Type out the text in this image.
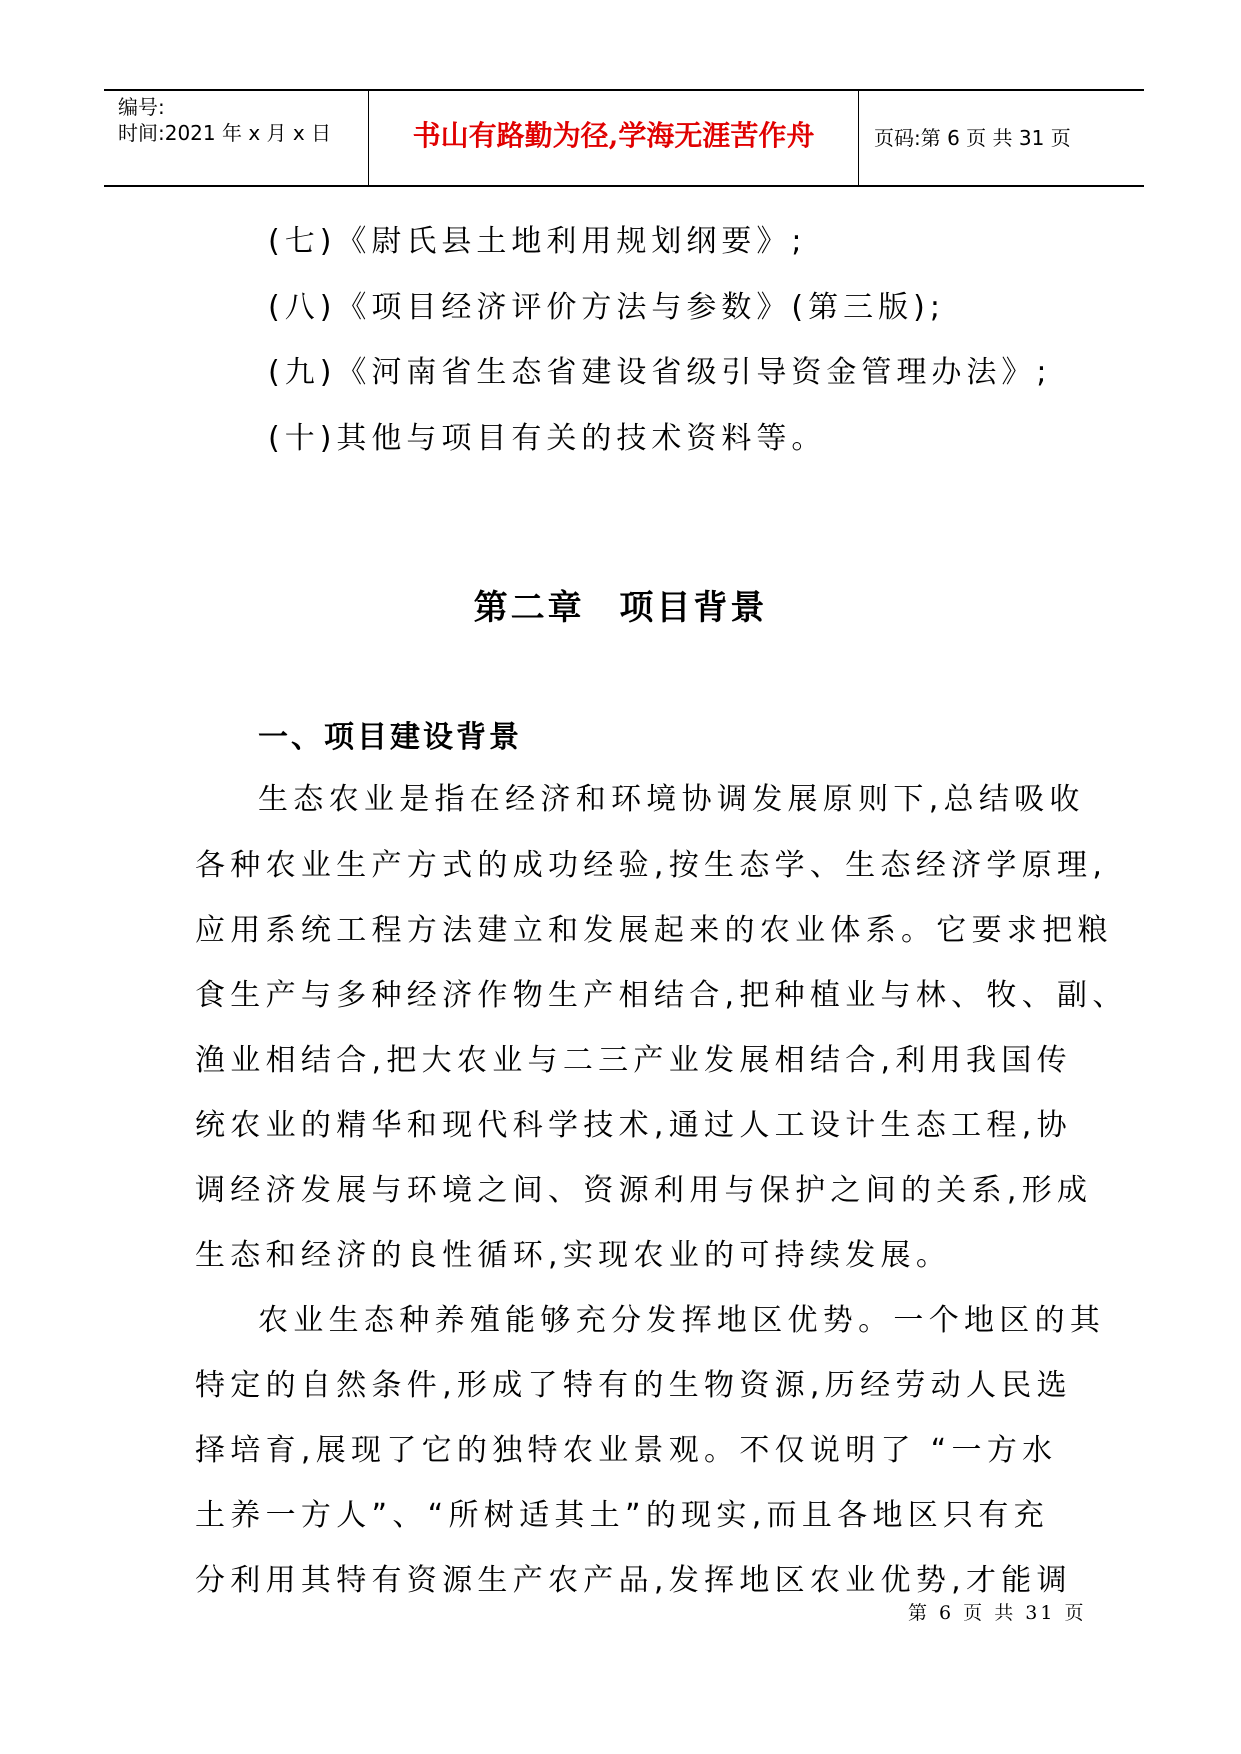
编号:
时间:2021 年 x 月 x 日	书山有路勤为径,学海无涯苦作舟	页码:第 6 页 共 31 页
(七)《尉氏县土地利用规划纲要》;
(八)《项目经济评价方法与参数》(第三版);
(九)《河南省生态省建设省级引导资金管理办法》;
(十)其他与项目有关的技术资料等。
第二章 项目背景
一、项目建设背景
生态农业是指在经济和环境协调发展原则下,总结吸收
各种农业生产方式的成功经验,按生态学、生态经济学原理,
应用系统工程方法建立和发展起来的农业体系。它要求把粮
食生产与多种经济作物生产相结合,把种植业与林、牧、副、
渔业相结合,把大农业与二三产业发展相结合,利用我国传
统农业的精华和现代科学技术,通过人工设计生态工程,协
调经济发展与环境之间、资源利用与保护之间的关系,形成
生态和经济的良性循环,实现农业的可持续发展。
农业生态种养殖能够充分发挥地区优势。一个地区的其
特定的自然条件,形成了特有的生物资源,历经劳动人民选
择培育,展现了它的独特农业景观。不仅说明了 “一方水
土养一方人”、“所树适其土”的现实,而且各地区只有充
分利用其特有资源生产农产品,发挥地区农业优势,才能调
第 6 页 共 31 页
